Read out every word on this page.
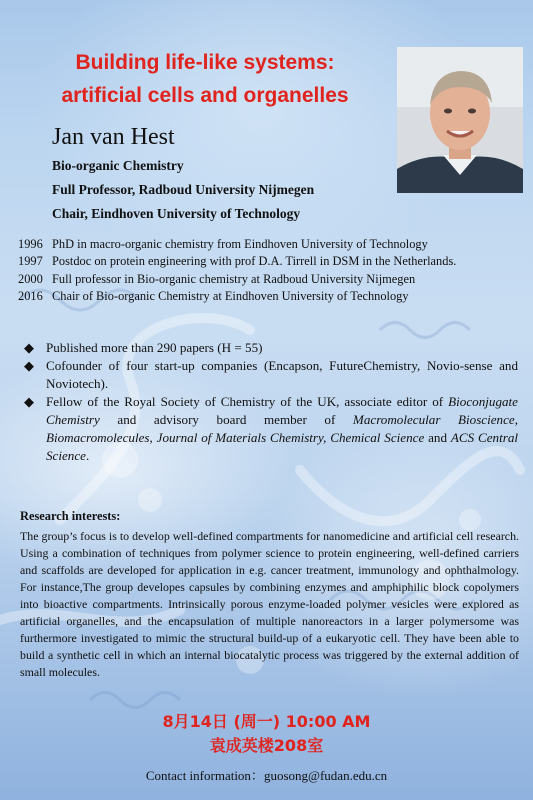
Building life-like systems:
artificial cells and organelles
Jan van Hest
Bio-organic Chemistry
Full Professor, Radboud University Nijmegen
Chair, Eindhoven University of Technology
1996 PhD in macro-organic chemistry from Eindhoven University of Technology
1997 Postdoc on protein engineering with prof D.A. Tirrell in DSM in the Netherlands.
2000 Full professor in Bio-organic chemistry at Radboud University Nijmegen
2016 Chair of Bio-organic Chemistry at Eindhoven University of Technology
◆ Published more than 290 papers (H = 55)
◆ Cofounder of four start-up companies (Encapson, FutureChemistry, Novio-sense and Noviotech).
◆ Fellow of the Royal Society of Chemistry of the UK, associate editor of Bioconjugate Chemistry and advisory board member of Macromolecular Bioscience, Biomacromolecules, Journal of Materials Chemistry, Chemical Science and ACS Central Science.
Research interests:
The group’s focus is to develop well-defined compartments for nanomedicine and artificial cell research. Using a combination of techniques from polymer science to protein engineering, well-defined carriers and scaffolds are developed for application in e.g. cancer treatment, immunology and ophthalmology. For instance,The group developes capsules by combining enzymes and amphiphilic block copolymers into bioactive compartments. Intrinsically porous enzyme-loaded polymer vesicles were explored as artificial organelles, and the encapsulation of multiple nanoreactors in a larger polymersome was furthermore investigated to mimic the structural build-up of a eukaryotic cell. They have been able to build a synthetic cell in which an internal biocatalytic process was triggered by the external addition of small molecules.
8月14日 (周一) 10:00 AM
袁成英楼208室
Contact information：guosong@fudan.edu.cn
